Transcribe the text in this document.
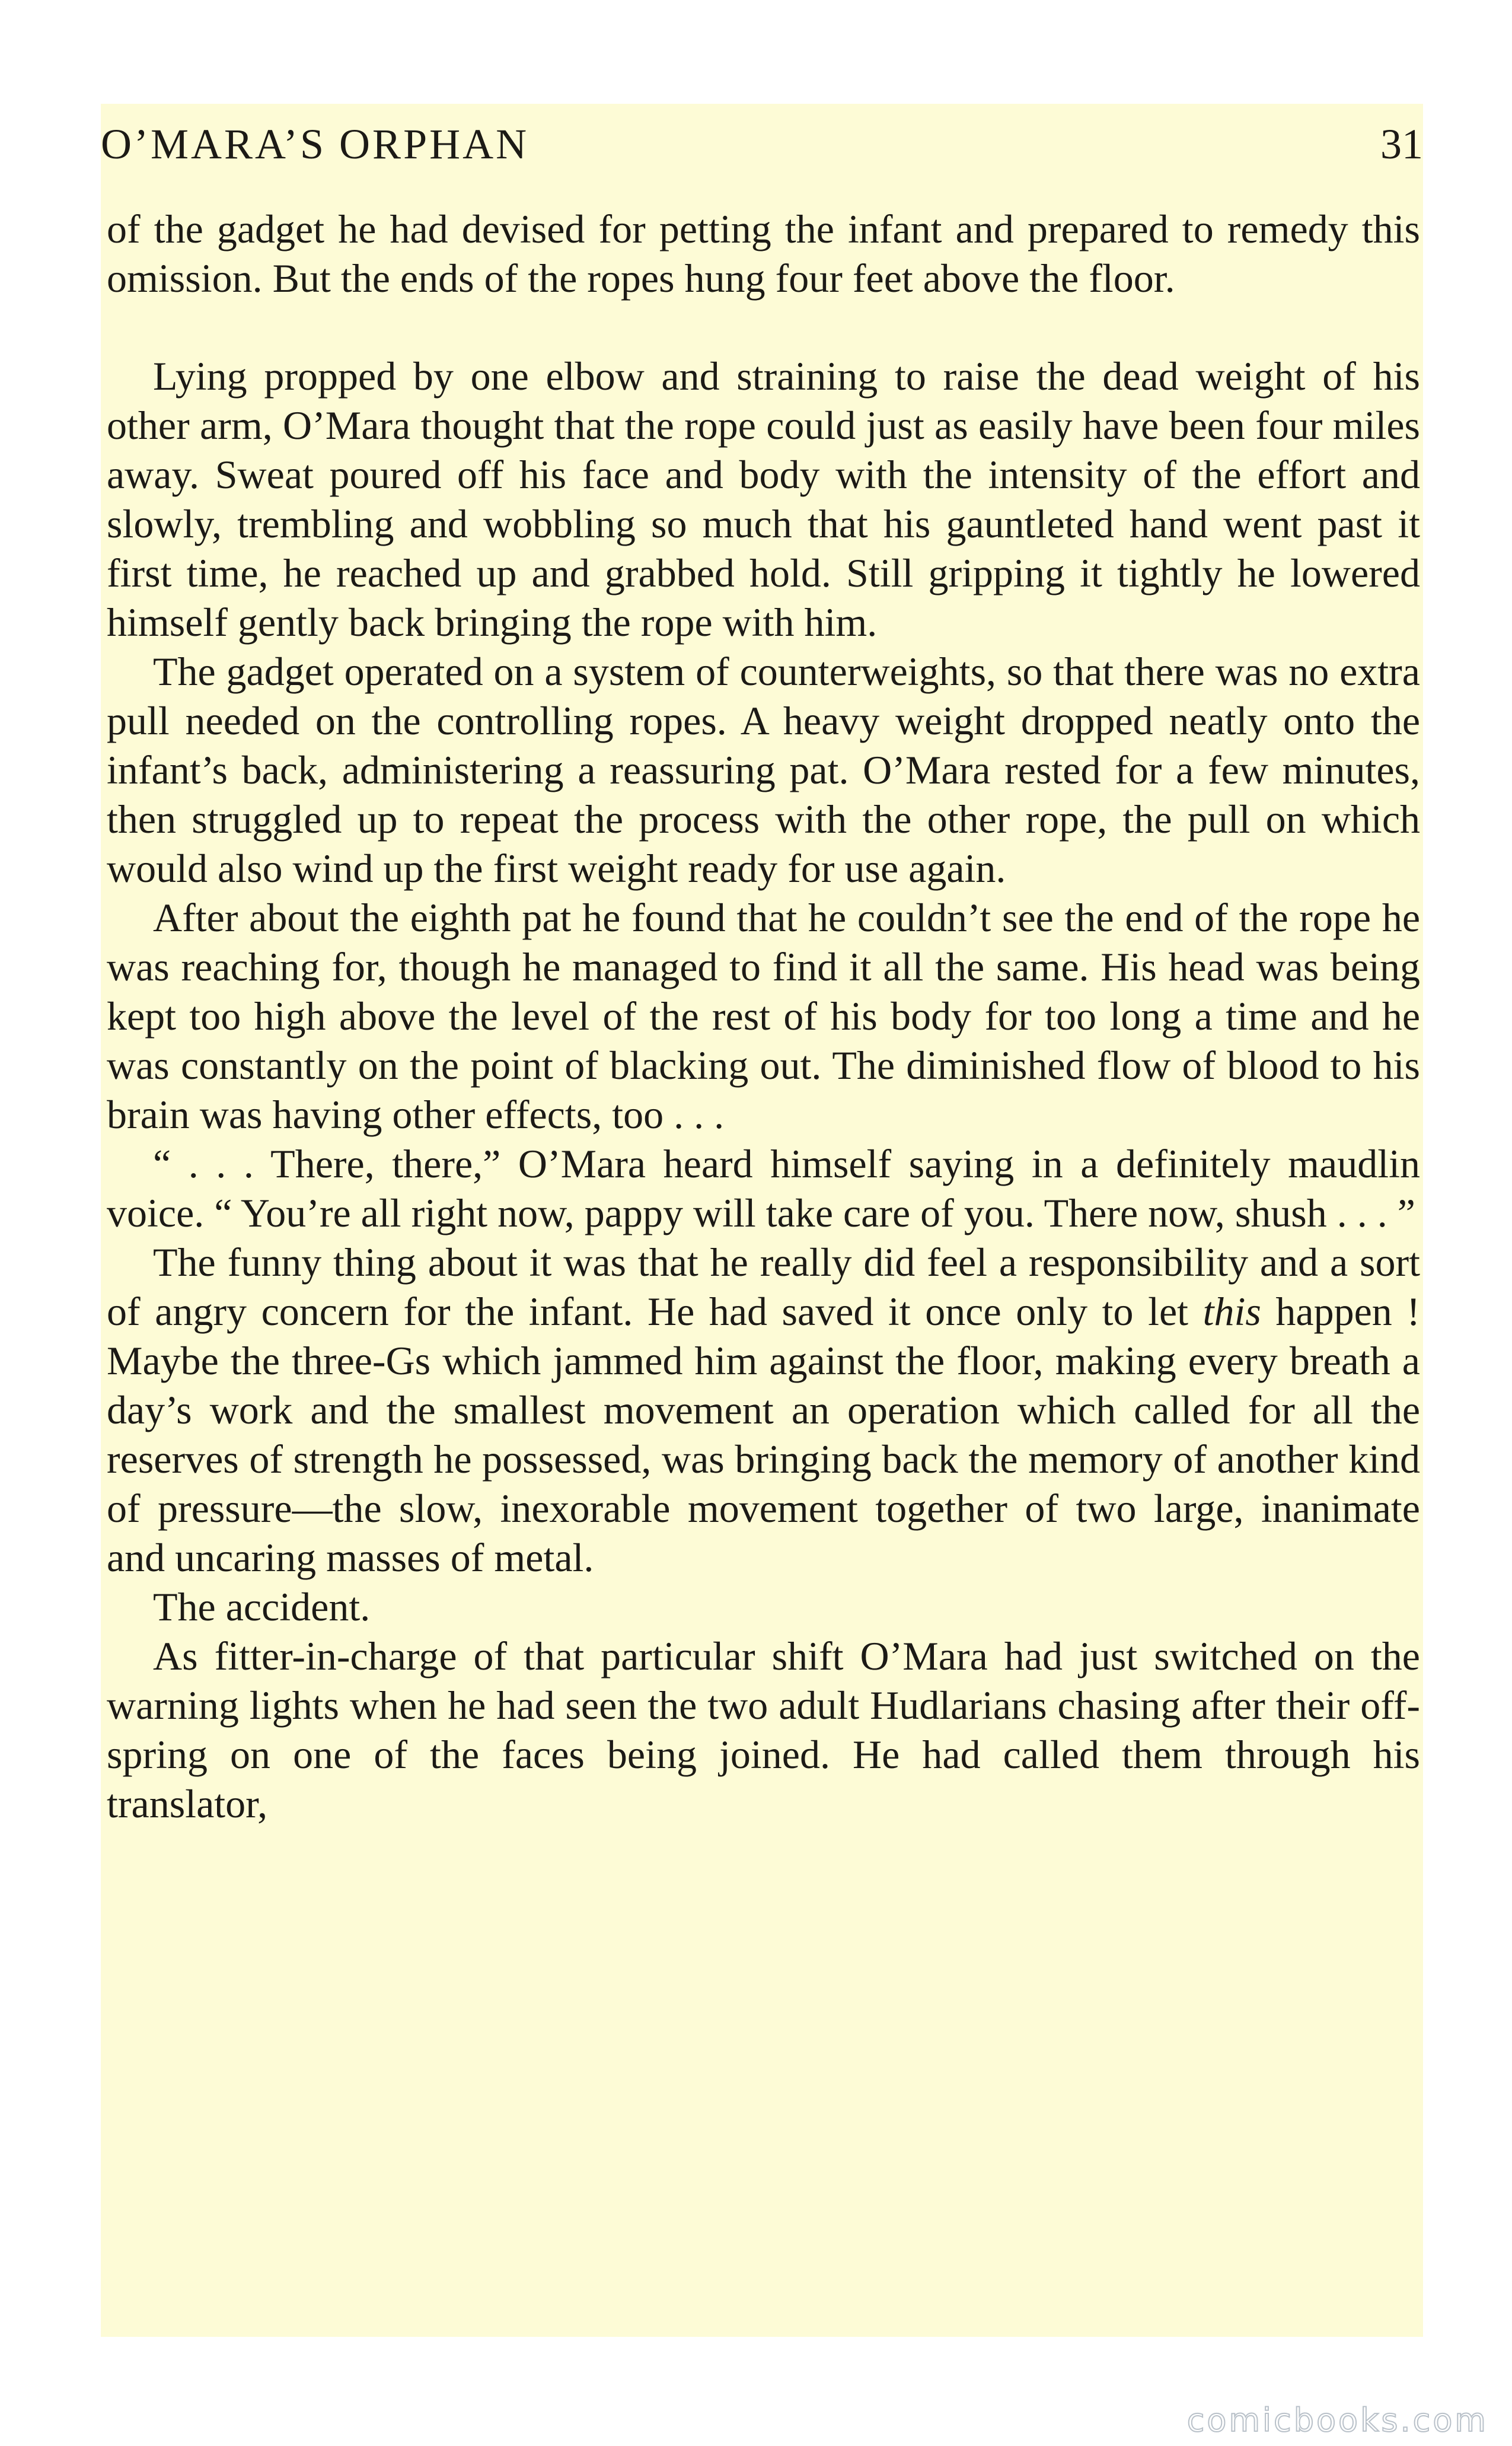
O’MARA’S ORPHAN	31

of the gadget he had devised for petting the infant and prepared to remedy this omission. But the ends of the ropes hung four feet above the floor.

Lying propped by one elbow and straining to raise the dead weight of his other arm, O’Mara thought that the rope could just as easily have been four miles away. Sweat poured off his face and body with the intensity of the effort and slowly, trembling and wobbling so much that his gauntleted hand went past it first time, he reached up and grabbed hold. Still gripping it tightly he lowered himself gently back bringing the rope with him.

The gadget operated on a system of counterweights, so that there was no extra pull needed on the controlling ropes. A heavy weight dropped neatly onto the infant’s back, administering a reassuring pat. O’Mara rested for a few minutes, then struggled up to repeat the process with the other rope, the pull on which would also wind up the first weight ready for use again.

After about the eighth pat he found that he couldn’t see the end of the rope he was reaching for, though he managed to find it all the same. His head was being kept too high above the level of the rest of his body for too long a time and he was constantly on the point of blacking out. The diminished flow of blood to his brain was having other effects, too . . .

“ . . . There, there,” O’Mara heard himself saying in a definitely maudlin voice. “ You’re all right now, pappy will take care of you. There now, shush . . . ”

The funny thing about it was that he really did feel a responsibility and a sort of angry concern for the infant. He had saved it once only to let this happen ! Maybe the three-Gs which jammed him against the floor, making every breath a day’s work and the smallest movement an operation which called for all the reserves of strength he possessed, was bringing back the memory of another kind of pressure—the slow, inexorable movement together of two large, inanimate and uncaring masses of metal.

The accident.

As fitter-in-charge of that particular shift O’Mara had just switched on the warning lights when he had seen the two adult Hudlarians chasing after their off-spring on one of the faces being joined. He had called them through his translator,

comicbooks.com
